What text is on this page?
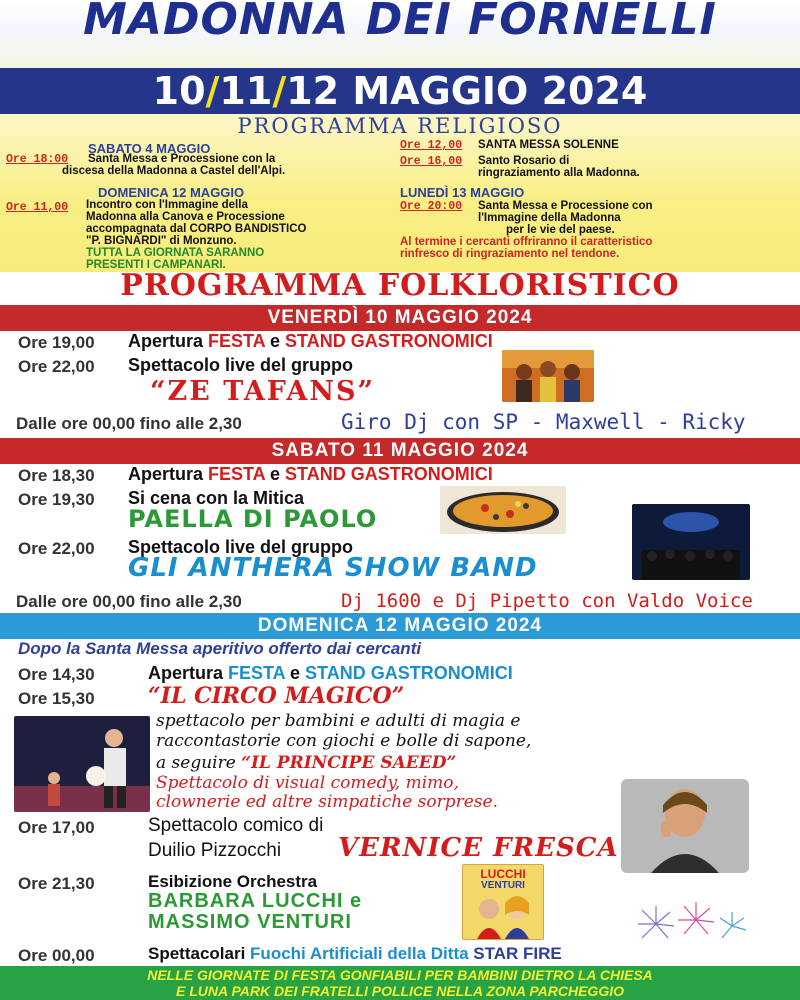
MADONNA DEI FORNELLI
10/11/12 MAGGIO 2024
PROGRAMMA RELIGIOSO
SABATO 4 MAGGIO
Ore 18:00 Santa Messa e Processione con la
discesa della Madonna a Castel dell'Alpi.
DOMENICA 12 MAGGIO
Ore 11,00 Incontro con l'Immagine della
Madonna alla Canova e Processione
accompagnata dal CORPO BANDISTICO
"P. BIGNARDI" di Monzuno.
TUTTA LA GIORNATA SARANNO
PRESENTI I CAMPANARI.
Ore 12,00 SANTA MESSA SOLENNE
Ore 16,00 Santo Rosario di
ringraziamento alla Madonna.
LUNEDÌ 13 MAGGIO
Ore 20:00 Santa Messa e Processione con
l'Immagine della Madonna
per le vie del paese.
Al termine i cercanti offriranno il caratteristico
rinfresco di ringraziamento nel tendone.
PROGRAMMA FOLKLORISTICO
VENERDÌ 10 MAGGIO 2024
Ore 19,00 Apertura FESTA e STAND GASTRONOMICI
Ore 22,00 Spettacolo live del gruppo
“ZE TAFANS”
Dalle ore 00,00 fino alle 2,30	Giro Dj con SP - Maxwell - Ricky
SABATO 11 MAGGIO 2024
Ore 18,30 Apertura FESTA e STAND GASTRONOMICI
Ore 19,30 Si cena con la Mitica
PAELLA DI PAOLO
Ore 22,00 Spettacolo live del gruppo
GLI ANTHERA SHOW BAND
Dalle ore 00,00 fino alle 2,30	Dj 1600 e Dj Pipetto con Valdo Voice
DOMENICA 12 MAGGIO 2024
Dopo la Santa Messa aperitivo offerto dai cercanti
Ore 14,30	Apertura FESTA e STAND GASTRONOMICI
Ore 15,30 “IL CIRCO MAGICO”
spettacolo per bambini e adulti di magia e
raccontastorie con giochi e bolle di sapone,
a seguire “IL PRINCIPE SAEED”
Spettacolo di visual comedy, mimo,
clownerie ed altre simpatiche sorprese.
Ore 17,00	Spettacolo comico di
Duilio Pizzocchi VERNICE FRESCA
Ore 21,30	Esibizione Orchestra
BARBARA LUCCHI e
MASSIMO VENTURI
LUCCHI
VENTURI
Ore 00,00	Spettacolari Fuochi Artificiali della Ditta STAR FIRE
NELLE GIORNATE DI FESTA GONFIABILI PER BAMBINI DIETRO LA CHIESA
E LUNA PARK DEI FRATELLI POLLICE NELLA ZONA PARCHEGGIO
